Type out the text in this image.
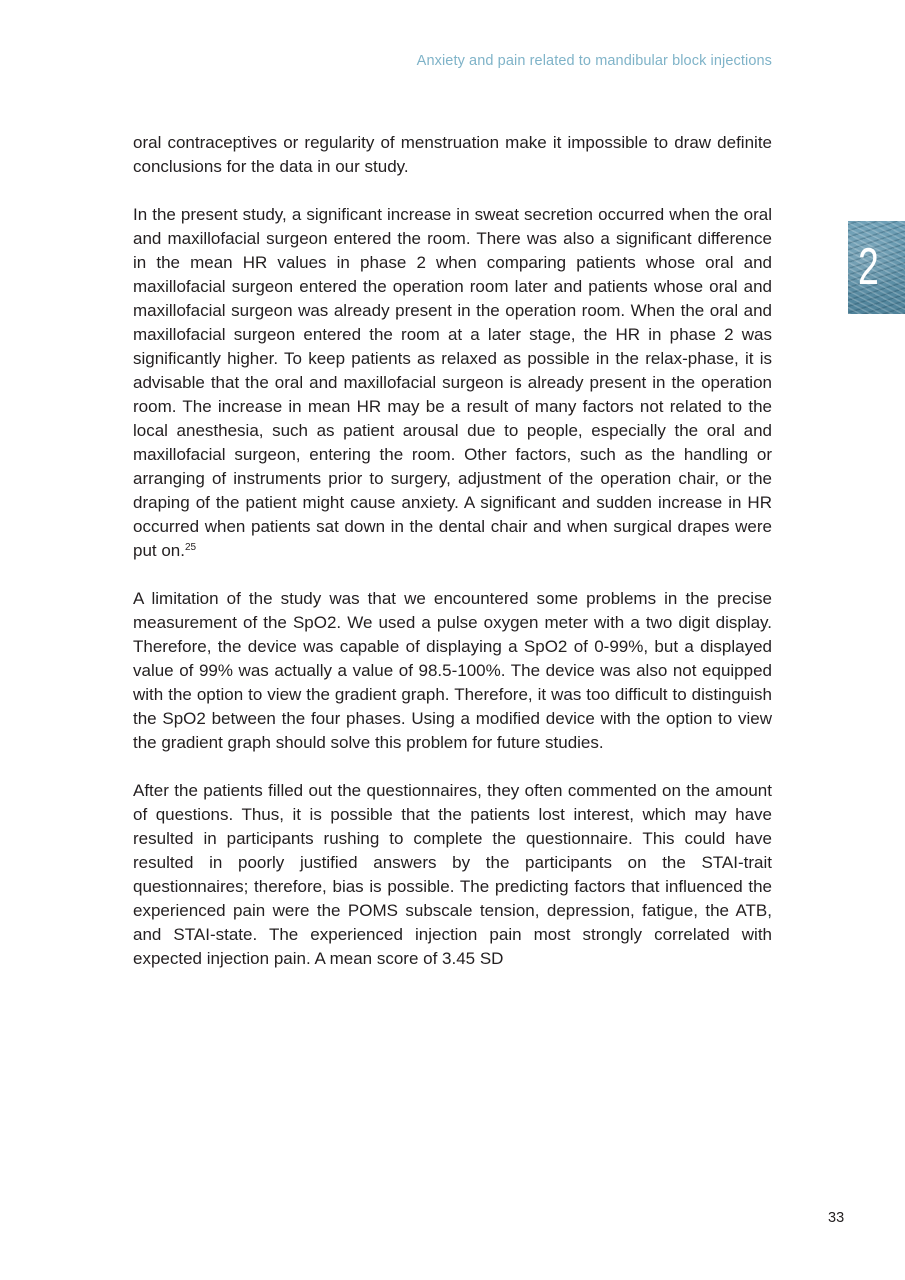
Anxiety and pain related to mandibular block injections
2

oral contraceptives or regularity of menstruation make it impossible to draw definite conclusions for the data in our study.

In the present study, a significant increase in sweat secretion occurred when the oral and maxillofacial surgeon entered the room. There was also a significant difference in the mean HR values in phase 2 when comparing patients whose oral and maxillofacial surgeon entered the operation room later and patients whose oral and maxillofacial surgeon was already present in the operation room. When the oral and maxillofacial surgeon entered the room at a later stage, the HR in phase 2 was significantly higher. To keep patients as relaxed as possible in the relax-phase, it is advisable that the oral and maxillofacial surgeon is already present in the operation room. The increase in mean HR may be a result of many factors not related to the local anesthesia, such as patient arousal due to people, especially the oral and maxillofacial surgeon, entering the room. Other factors, such as the handling or arranging of instruments prior to surgery, adjustment of the operation chair, or the draping of the patient might cause anxiety. A significant and sudden increase in HR occurred when patients sat down in the dental chair and when surgical drapes were put on.$^{25}$

A limitation of the study was that we encountered some problems in the precise measurement of the SpO2. We used a pulse oxygen meter with a two digit display. Therefore, the device was capable of displaying a SpO2 of 0-99%, but a displayed value of 99% was actually a value of 98.5-100%. The device was also not equipped with the option to view the gradient graph. Therefore, it was too difficult to distinguish the SpO2 between the four phases. Using a modified device with the option to view the gradient graph should solve this problem for future studies.

After the patients filled out the questionnaires, they often commented on the amount of questions. Thus, it is possible that the patients lost interest, which may have resulted in participants rushing to complete the questionnaire. This could have resulted in poorly justified answers by the participants on the STAI-trait questionnaires; therefore, bias is possible. The predicting factors that influenced the experienced pain were the POMS subscale tension, depression, fatigue, the ATB, and STAI-state. The experienced injection pain most strongly correlated with expected injection pain. A mean score of 3.45 SD

33
